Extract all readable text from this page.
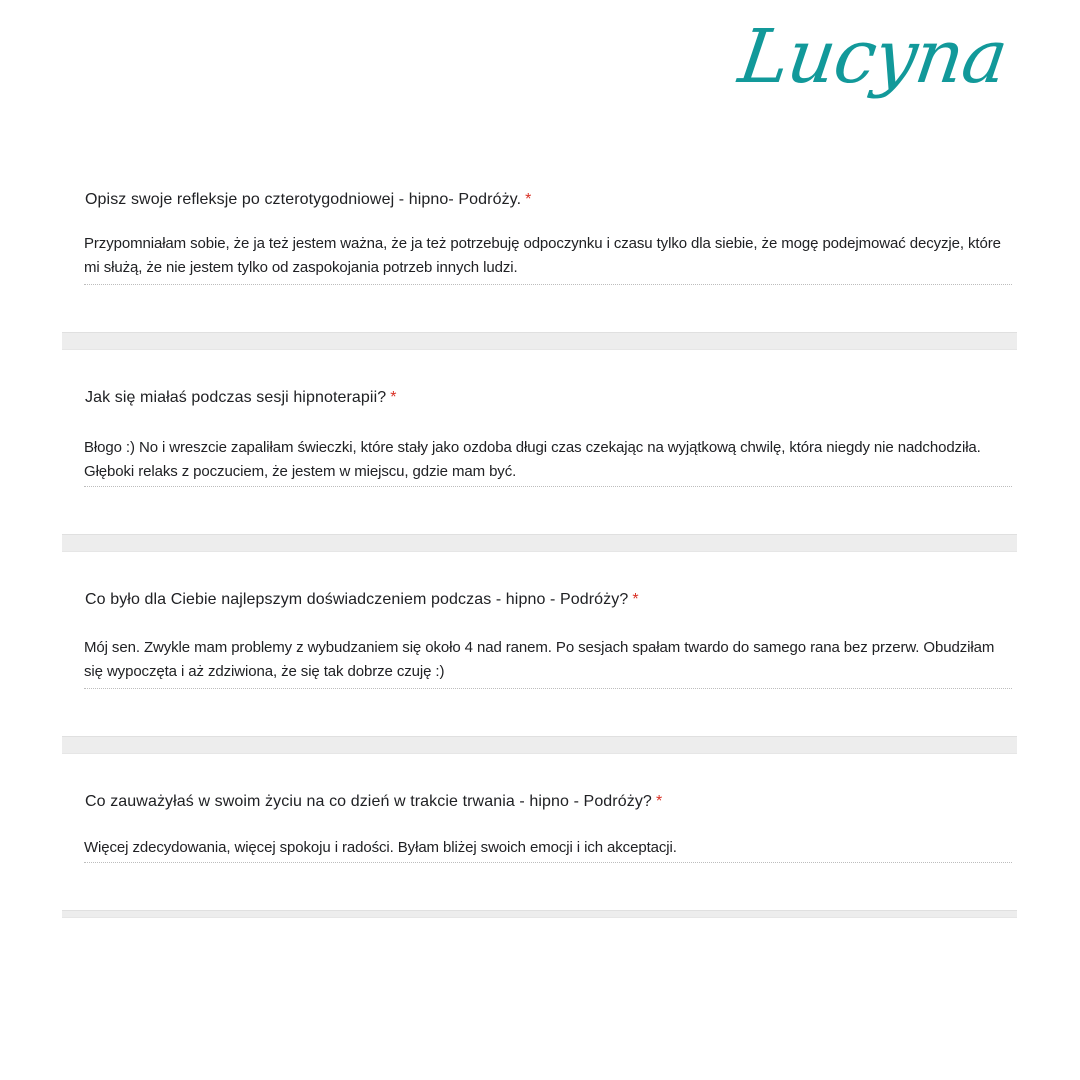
Lucyna
Opisz swoje refleksje po czterotygodniowej - hipno- Podróży. *
Przypomniałam sobie, że ja też jestem ważna, że ja też potrzebuję odpoczynku i czasu tylko dla siebie, że mogę podejmować decyzje, które mi służą, że nie jestem tylko od zaspokojania potrzeb innych ludzi.
Jak się miałaś podczas sesji hipnoterapii? *
Błogo :) No i wreszcie zapaliłam świeczki, które stały jako ozdoba długi czas czekając na wyjątkową chwilę, która niegdy nie nadchodziła. Głęboki relaks z poczuciem, że jestem w miejscu, gdzie mam być.
Co było dla Ciebie najlepszym doświadczeniem podczas - hipno - Podróży? *
Mój sen. Zwykle mam problemy z wybudzaniem się około 4 nad ranem. Po sesjach spałam twardo do samego rana bez przerw. Obudziłam się wypoczęta i aż zdziwiona, że się tak dobrze czuję :)
Co zauważyłaś w swoim życiu na co dzień w trakcie trwania - hipno - Podróży? *
Więcej zdecydowania, więcej spokoju i radości. Byłam bliżej swoich emocji i ich akceptacji.
